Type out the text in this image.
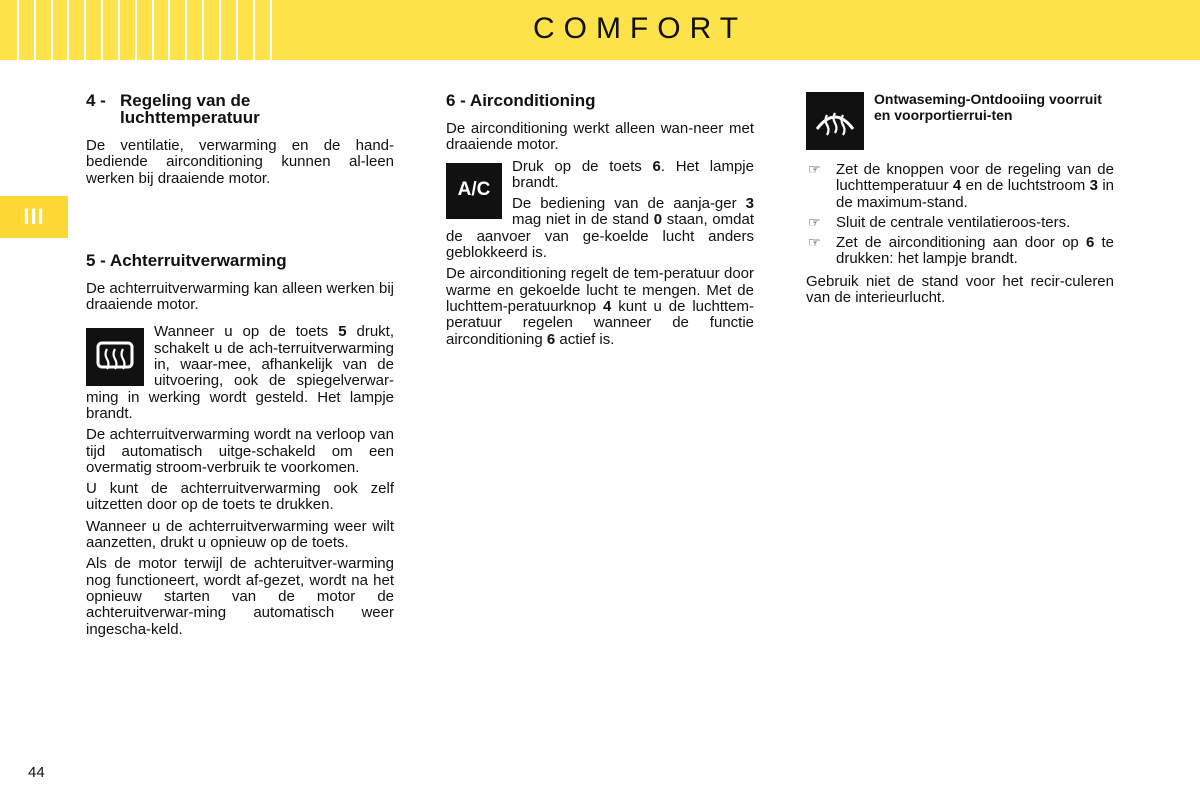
COMFORT
III
4 - Regeling van de luchttemperatuur

De ventilatie, verwarming en de hand-bediende airconditioning kunnen al-leen werken bij draaiende motor.

5 - Achterruitverwarming

De achterruitverwarming kan alleen werken bij draaiende motor.

Wanneer u op de toets 5 drukt, schakelt u de ach-terruitverwarming in, waar-mee, afhankelijk van de uitvoering, ook de spiegelverwar-ming in werking wordt gesteld. Het lampje brandt.

De achterruitverwarming wordt na verloop van tijd automatisch uitge-schakeld om een overmatig stroom-verbruik te voorkomen.

U kunt de achterruitverwarming ook zelf uitzetten door op de toets te drukken.

Wanneer u de achterruitverwarming weer wilt aanzetten, drukt u opnieuw op de toets.

Als de motor terwijl de achteruitver-warming nog functioneert, wordt af-gezet, wordt na het opnieuw starten van de motor de achteruitverwar-ming automatisch weer ingescha-keld.

6 - Airconditioning

De airconditioning werkt alleen wan-neer met draaiende motor.

A/C

Druk op de toets 6. Het lampje brandt.

De bediening van de aanja-ger 3 mag niet in de stand 0 staan, omdat de aanvoer van ge-koelde lucht anders geblokkeerd is.

De airconditioning regelt de tem-peratuur door warme en gekoelde lucht te mengen. Met de luchttem-peratuurknop 4 kunt u de luchttem-peratuur regelen wanneer de functie airconditioning 6 actief is.

Ontwaseming-Ontdooiing voorruit en voorportierrui-ten
☞ Zet de knoppen voor de regeling van de luchttemperatuur 4 en de luchtstroom 3 in de maximum-stand.
☞ Sluit de centrale ventilatieroos-ters.
☞ Zet de airconditioning aan door op 6 te drukken: het lampje brandt.

Gebruik niet de stand voor het recir-culeren van de interieurlucht.

44
